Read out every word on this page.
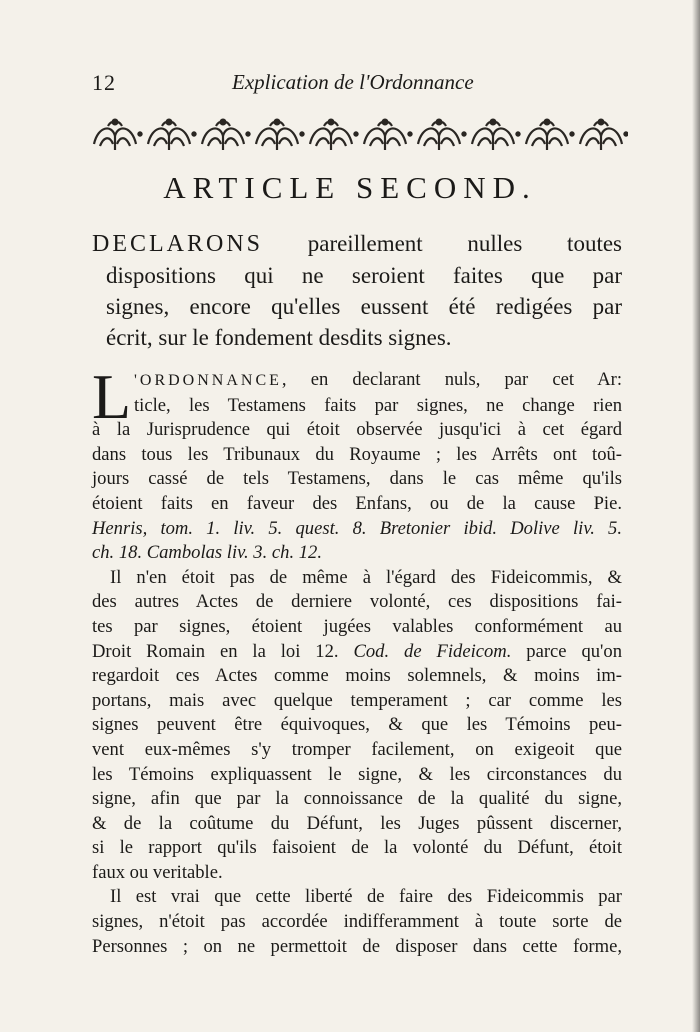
12	Explication de l'Ordonnance
ARTICLE SECOND.
DECLARONS pareillement nulles toutes
dispositions qui ne seroient faites que par
signes, encore qu'elles eussent été redigées par
écrit, sur le fondement desdits signes.
L 'ORDONNANCE, en declarant nuls, par cet Ar:
ticle, les Testamens faits par signes, ne change rien
à la Jurisprudence qui étoit observée jusqu'ici à cet égard
dans tous les Tribunaux du Royaume ; les Arrêts ont toû-
jours cassé de tels Testamens, dans le cas même qu'ils
étoient faits en faveur des Enfans, ou de la cause Pie.
Henris, tom. 1. liv. 5. quest. 8. Bretonier ibid. Dolive liv. 5.
ch. 18. Cambolas liv. 3. ch. 12.
Il n'en étoit pas de même à l'égard des Fideicommis, &
des autres Actes de derniere volonté, ces dispositions fai-
tes par signes, étoient jugées valables conformément au
Droit Romain en la loi 12. Cod. de Fideicom. parce qu'on
regardoit ces Actes comme moins solemnels, & moins im-
portans, mais avec quelque temperament ; car comme les
signes peuvent être équivoques, & que les Témoins peu-
vent eux-mêmes s'y tromper facilement, on exigeoit que
les Témoins expliquassent le signe, & les circonstances du
signe, afin que par la connoissance de la qualité du signe,
& de la coûtume du Défunt, les Juges pûssent discerner,
si le rapport qu'ils faisoient de la volonté du Défunt, étoit
faux ou veritable.
Il est vrai que cette liberté de faire des Fideicommis par
signes, n'étoit pas accordée indifferamment à toute sorte de
Personnes ; on ne permettoit de disposer dans cette forme,
